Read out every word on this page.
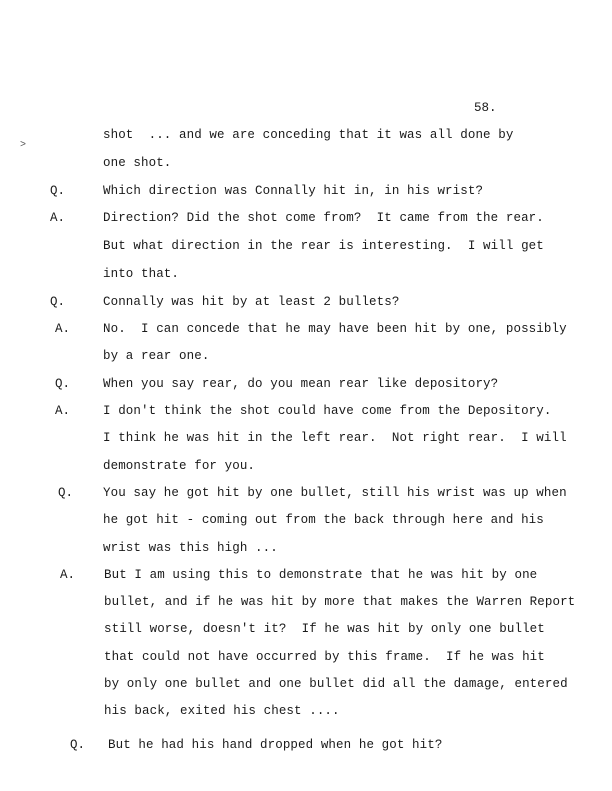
58.
>
shot  ... and we are conceding that it was all done by
one shot.
Q.	Which direction was Connally hit in, in his wrist?
A.	Direction? Did the shot come from?  It came from the rear.
But what direction in the rear is interesting.  I will get
into that.
Q.	Connally was hit by at least 2 bullets?
A.	No.  I can concede that he may have been hit by one, possibly
by a rear one.
Q.	When you say rear, do you mean rear like depository?
A.	I don't think the shot could have come from the Depository.
I think he was hit in the left rear.  Not right rear.  I will
demonstrate for you.
Q. You say he got hit by one bullet, still his wrist was up when
he got hit - coming out from the back through here and his
wrist was this high ...
A. But I am using this to demonstrate that he was hit by one
bullet, and if he was hit by more that makes the Warren Report
still worse, doesn't it?  If he was hit by only one bullet
that could not have occurred by this frame.  If he was hit
by only one bullet and one bullet did all the damage, entered
his back, exited his chest ....
Q. But he had his hand dropped when he got hit?
